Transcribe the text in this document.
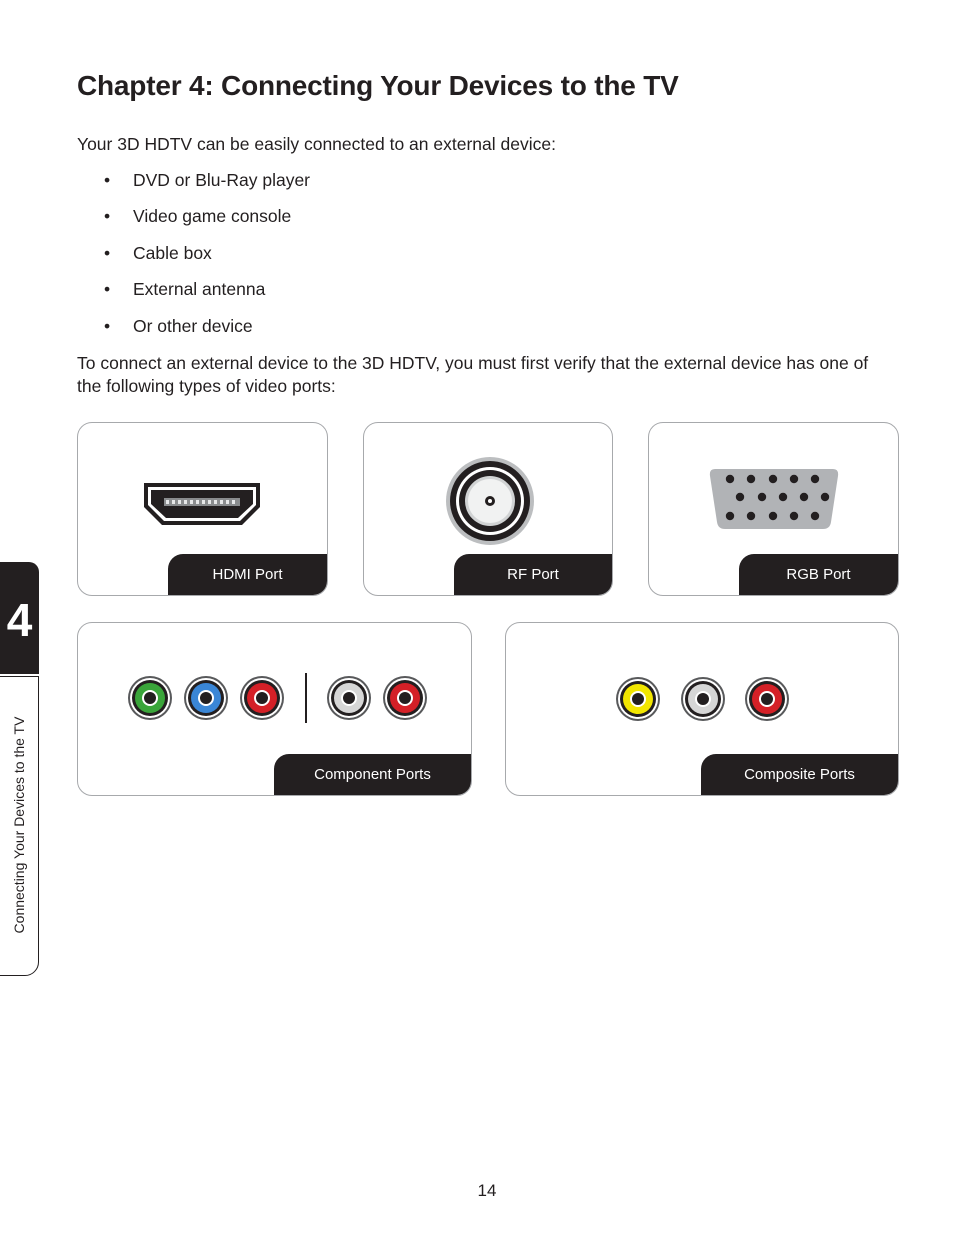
Chapter 4: Connecting Your Devices to the TV

Your 3D HDTV can be easily connected to an external device:

• DVD or Blu-Ray player
• Video game console
• Cable box
• External antenna
• Or other device

To connect an external device to the 3D HDTV, you must first verify that the external device has one of the following types of video ports:

HDMI Port	RF Port	RGB Port
Component Ports	Composite Ports
4
Connecting Your Devices to the TV
14
